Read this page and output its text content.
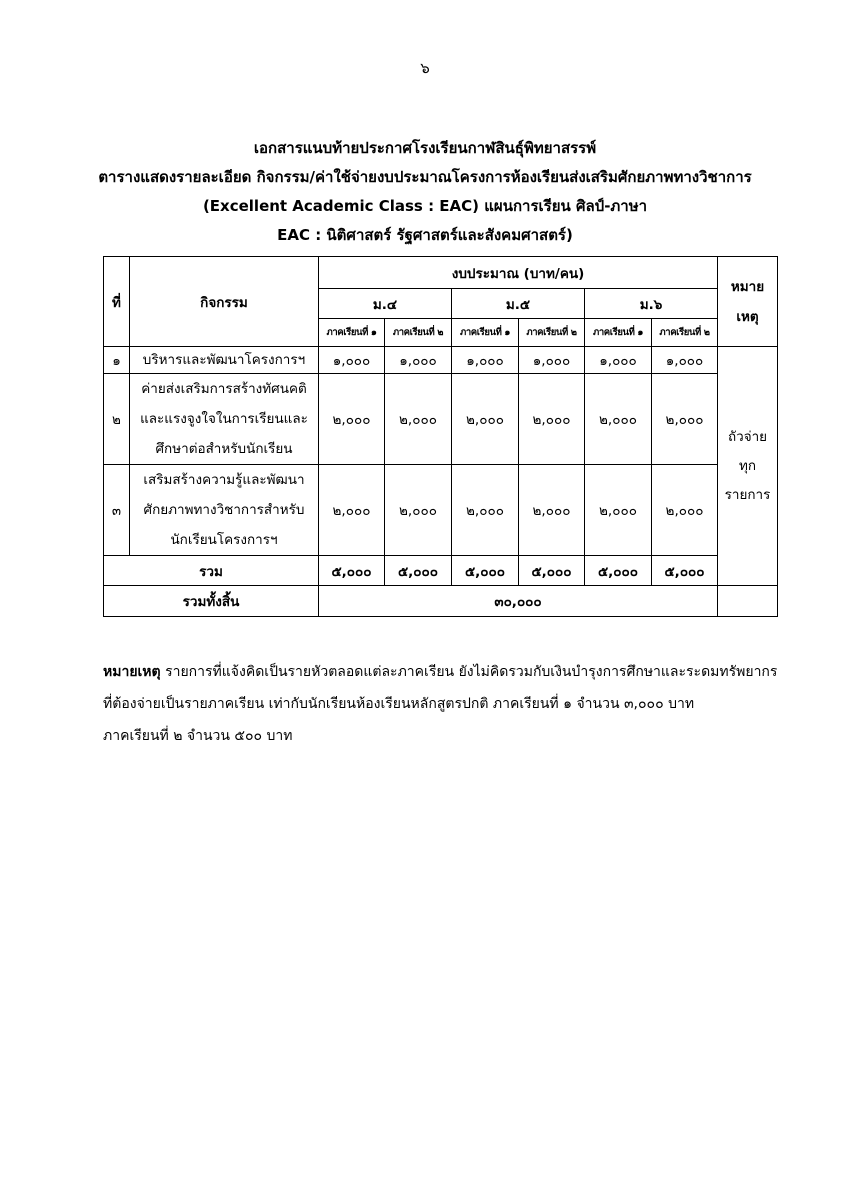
๖
เอกสารแนบท้ายประกาศโรงเรียนกาฬสินธุ์พิทยาสรรพ์
ตารางแสดงรายละเอียด กิจกรรม/ค่าใช้จ่ายงบประมาณโครงการห้องเรียนส่งเสริมศักยภาพทางวิชาการ
(Excellent Academic Class : EAC) แผนการเรียน ศิลป์-ภาษา
EAC : นิติศาสตร์ รัฐศาสตร์และสังคมศาสตร์)
ที่	กิจกรรม	งบประมาณ (บาท/คน)						หมาย
เหตุ
		ม.๔		ม.๕		ม.๖		
		ภาคเรียนที่ ๑	ภาคเรียนที่ ๒	ภาคเรียนที่ ๑	ภาคเรียนที่ ๒	ภาคเรียนที่ ๑	ภาคเรียนที่ ๒	
๑	บริหารและพัฒนาโครงการฯ	๑,๐๐๐	๑,๐๐๐	๑,๐๐๐	๑,๐๐๐	๑,๐๐๐	๑,๐๐๐	ถัวจ่าย
ทุก
รายการ
๒	ค่ายส่งเสริมการสร้างทัศนคติ
และแรงจูงใจในการเรียนและ
ศึกษาต่อสำหรับนักเรียน	๒,๐๐๐	๒,๐๐๐	๒,๐๐๐	๒,๐๐๐	๒,๐๐๐	๒,๐๐๐	
๓	เสริมสร้างความรู้และพัฒนา
ศักยภาพทางวิชาการสำหรับ
นักเรียนโครงการฯ	๒,๐๐๐	๒,๐๐๐	๒,๐๐๐	๒,๐๐๐	๒,๐๐๐	๒,๐๐๐	
รวม		๕,๐๐๐	๕,๐๐๐	๕,๐๐๐	๕,๐๐๐	๕,๐๐๐	๕,๐๐๐	
รวมทั้งสิ้น		๓๐,๐๐๐						
หมายเหตุ รายการที่แจ้งคิดเป็นรายหัวตลอดแต่ละภาคเรียน ยังไม่คิดรวมกับเงินบำรุงการศึกษาและระดมทรัพยากร
ที่ต้องจ่ายเป็นรายภาคเรียน เท่ากับนักเรียนห้องเรียนหลักสูตรปกติ ภาคเรียนที่ ๑ จำนวน ๓,๐๐๐ บาท
ภาคเรียนที่ ๒ จำนวน ๕๐๐ บาท
